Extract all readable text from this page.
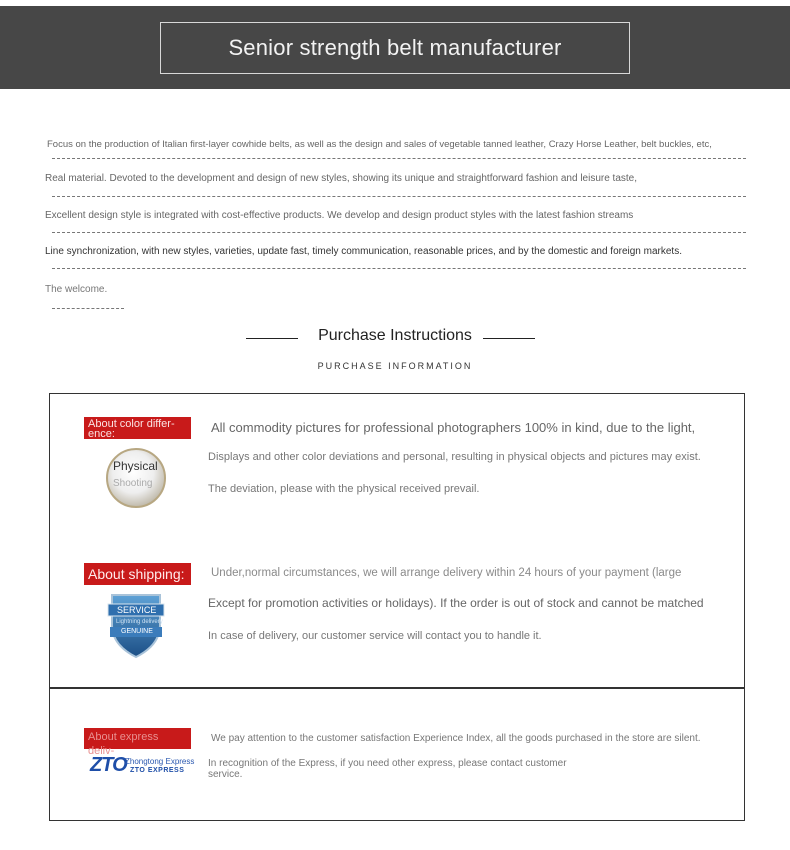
Senior strength belt manufacturer
Focus on the production of Italian first-layer cowhide belts, as well as the design and sales of vegetable tanned leather, Crazy Horse Leather, belt buckles, etc,
Real material. Devoted to the development and design of new styles, showing its unique and straightforward fashion and leisure taste,
Excellent design style is integrated with cost-effective products. We develop and design product styles with the latest fashion streams
Line synchronization, with new styles, varieties, update fast, timely communication, reasonable prices, and by the domestic and foreign markets.
The welcome.
Purchase Instructions
PURCHASE INFORMATION
About color differ- ence:
Physical
Shooting
All commodity pictures for professional photographers 100% in kind, due to the light,
Displays and other color deviations and personal, resulting in physical objects and pictures may exist.
The deviation, please with the physical received prevail.
About shipping:
SERVICE
Lightning delivery
GENUINE
Under,normal circumstances, we will arrange delivery within 24 hours of your payment (large
Except for promotion activities or holidays). If the order is out of stock and cannot be matched
In case of delivery, our customer service will contact you to handle it.
About express deliv-
ZTO
Zhongtong Express
ZTO EXPRESS
We pay attention to the customer satisfaction Experience Index, all the goods purchased in the store are silent.
In recognition of the Express, if you need other express, please contact customer
service.
